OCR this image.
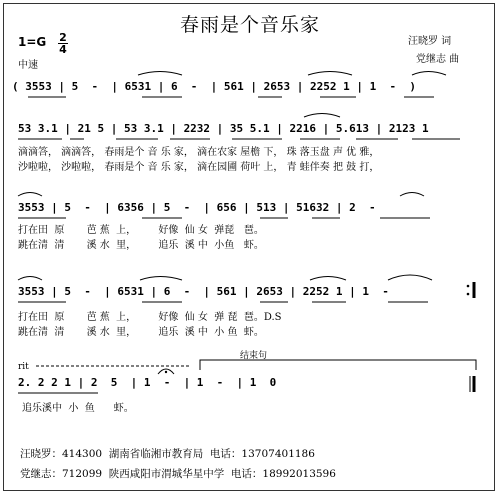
春雨是个音乐家
汪晓罗 词
党继志 曲
1=G 2
4
中速
( 3553 | 5  -  | 6531 | 6  -  | 561 | 2653 | 2252 1 | 1  -  )
53 3.1 | 21 5 | 53 3.1 | 2232 | 35 5.1 | 2216 | 5.613 | 2123 1
滴滴答， 滴滴答， 春雨是个 音 乐 家， 滴在农家 屋檐 下， 珠 落玉盘 声 优 雅，
沙啦啦， 沙啦啦， 春雨是个 音 乐 家， 滴在园圃 荷叶 上， 青 蛙伴奏 把 鼓 打，
3553 | 5  -  | 6356 | 5  -  | 656 | 513 | 51632 | 2  -
打在田  原       芭 蕉  上，       好像  仙 女  弹琵   琶。
跳在清  清       溪 水  里，       追乐  溪 中  小鱼   虾。
3553 | 5  -  | 6531 | 6  -  | 561 | 2653 | 2252 1 | 1  -
打在田  原       芭 蕉  上，       好像  仙 女  弹 琵  琶。D.S
跳在清  清       溪 水  里，       追乐  溪 中  小 鱼  虾。
rit
结束句
2. 2 2 1 | 2  5  | 1  -  | 1  -  | 1  0
追乐溪中  小  鱼      虾。
汪晓罗：414300  湖南省临湘市教育局  电话：13707401186
党继志：712099  陕西咸阳市渭城华星中学  电话：18992013596
